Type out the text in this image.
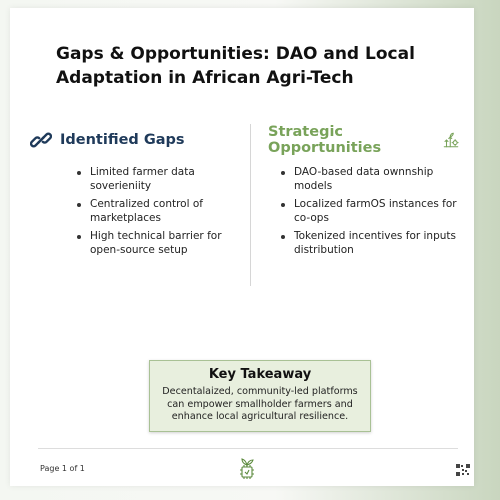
Gaps & Opportunities: DAO and Local Adaptation in African Agri-Tech
Identified Gaps	Strategic Opportunities
Limited farmer data soverieniity
Centralized control of marketplaces
High technical barrier for open-source setup
DAO-based data ownnship models
Localized farmOS instances for co-ops
Tokenized incentives for inputs distribution
Key Takeaway
Decentalaized, community-led platforms can empower smallholder farmers and enhance local agricultural resilience.
Page 1 of 1
